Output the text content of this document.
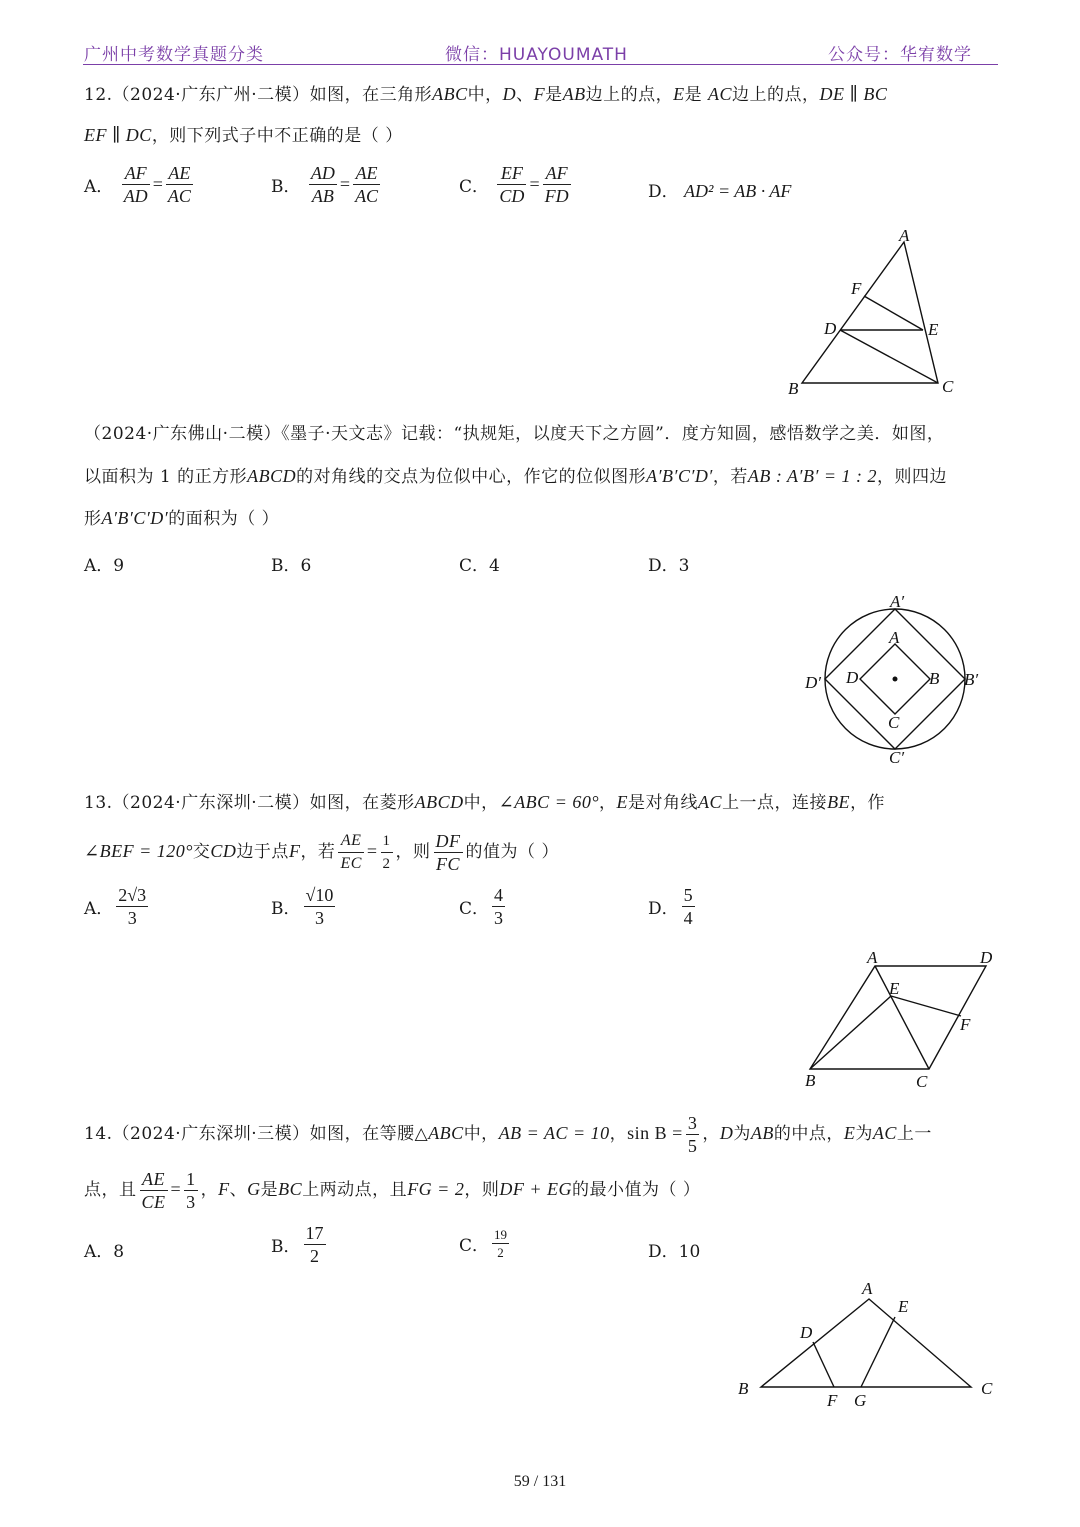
广州中考数学真题分类	微信：HUAYOUMATH	公众号：华宥数学
12.（2024·广东广州·二模）如图，在三角形ABC中，D、F是AB边上的点，E是 AC边上的点，DE ∥ BC
EF ∥ DC，则下列式子中不正确的是（ ）
A． $\frac{AF}{AD} = \frac{AE}{AC}$	B． $\frac{AD}{AB} = \frac{AE}{AC}$	C． $\frac{EF}{CD} = \frac{AF}{FD}$	D． AD² = AB · AF
A
F
D	E
B	C
（2024·广东佛山·二模）《墨子·天文志》记载：“执规矩，以度天下之方圆”．度方知圆，感悟数学之美．如图，
以面积为 1 的正方形ABCD的对角线的交点为位似中心，作它的位似图形A′B′C′D′，若AB : A′B′ = 1 : 2，则四边
形A′B′C′D′的面积为（ ）
A．9	B．6	C．4	D．3
A′
A
D′ D	B B′
C
C′
13.（2024·广东深圳·二模）如图，在菱形ABCD中，∠ABC = 60°，E是对角线AC上一点，连接BE，作
∠BEF = 120°交CD边于点F，若 $\frac{AE}{EC} = \frac{1}{2}$ ，则 $\frac{DF}{FC}$ 的值为（ ）
A． $\frac{2√3}{3}$	B． $\frac{√10}{3}$	C． $\frac{4}{3}$	D． $\frac{5}{4}$
A	D
E
F
B	C
14.（2024·广东深圳·三模）如图，在等腰△ABC中，AB = AC = 10，$\sin B = \frac{3}{5}$ ，D为AB的中点，E为AC上一
点，且 $\frac{AE}{CE} = \frac{1}{3}$ ，F、G是BC上两动点，且FG = 2，则DF + EG的最小值为（ ）
A．8	B． $\frac{17}{2}$	C． $\frac{19}{2}$	D．10
A
E
D
B
F G
C
59 / 131
